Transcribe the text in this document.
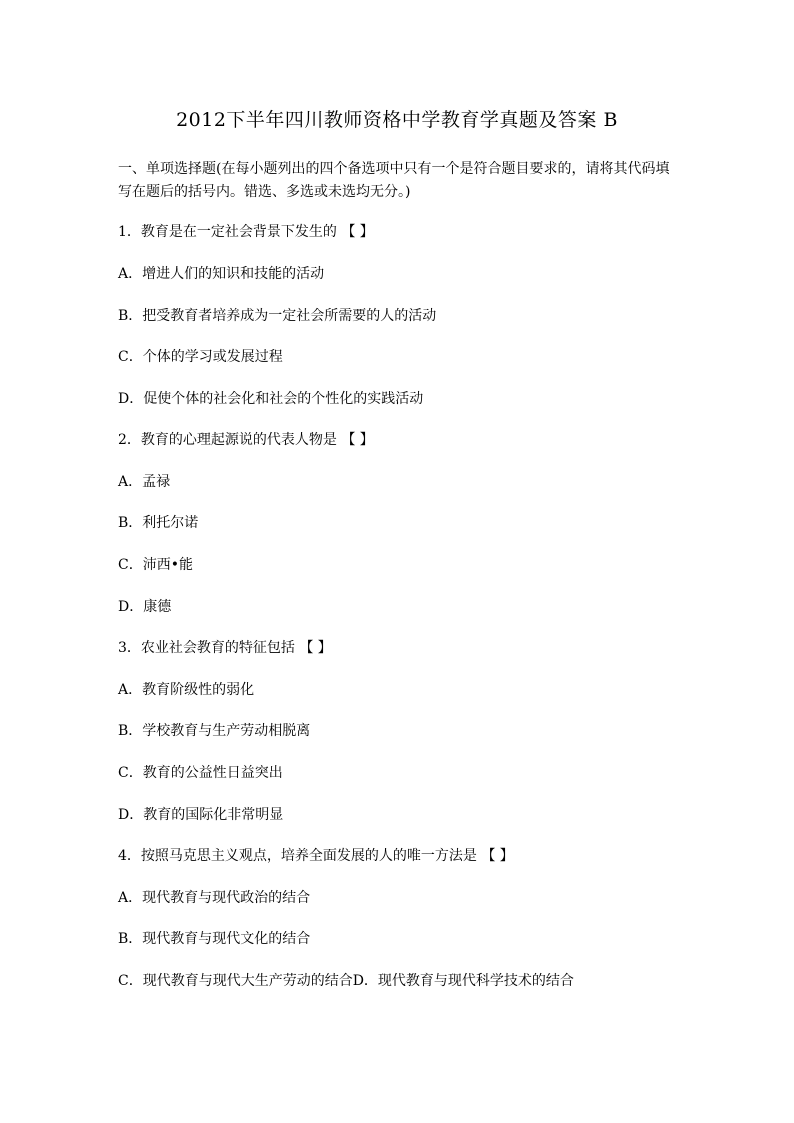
2012下半年四川教师资格中学教育学真题及答案 B
一、单项选择题(在每小题列出的四个备选项中只有一个是符合题目要求的，请将其代码填写在题后的括号内。错选、多选或未选均无分。)
1．教育是在一定社会背景下发生的 【 】
A．增进人们的知识和技能的活动
B．把受教育者培养成为一定社会所需要的人的活动
C．个体的学习或发展过程
D．促使个体的社会化和社会的个性化的实践活动
2．教育的心理起源说的代表人物是 【 】
A．孟禄
B．利托尔诺
C．沛西•能
D．康德
3．农业社会教育的特征包括 【 】
A．教育阶级性的弱化
B．学校教育与生产劳动相脱离
C．教育的公益性日益突出
D．教育的国际化非常明显
4．按照马克思主义观点，培养全面发展的人的唯一方法是 【 】
A．现代教育与现代政治的结合
B．现代教育与现代文化的结合
C．现代教育与现代大生产劳动的结合D．现代教育与现代科学技术的结合
